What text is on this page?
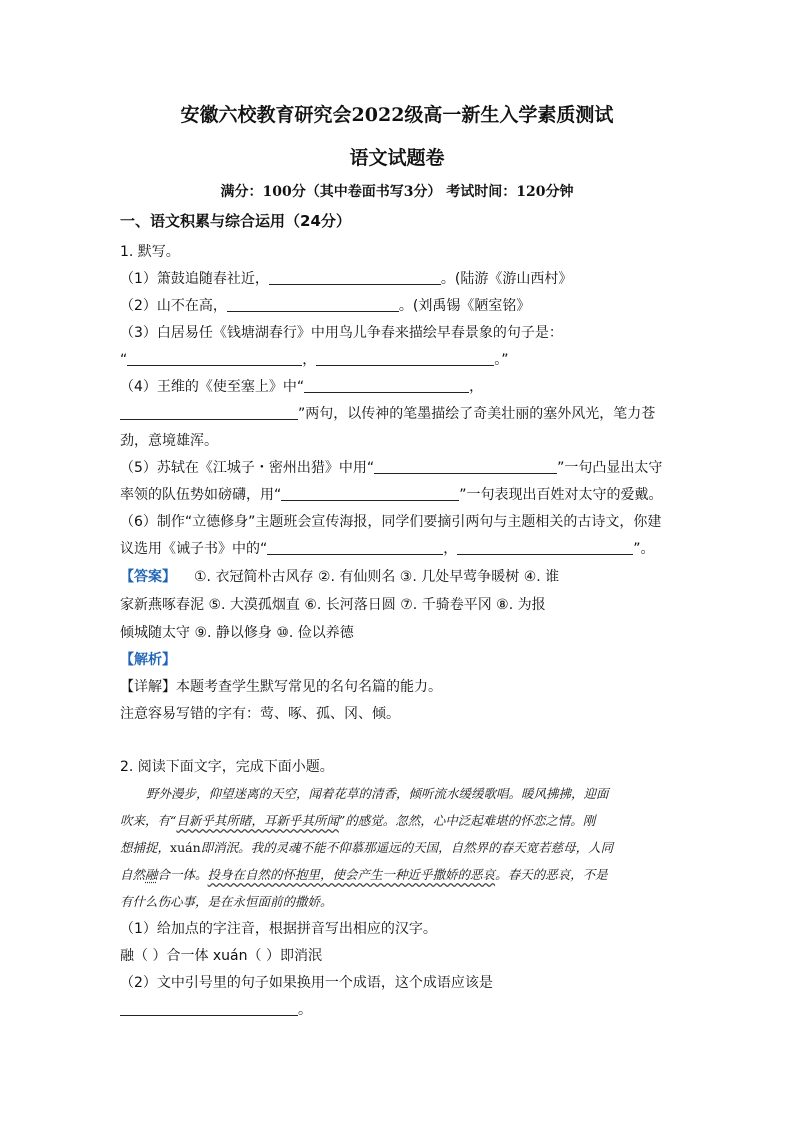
安徽六校教育研究会2022级高一新生入学素质测试
语文试题卷
满分：100分（其中卷面书写3分） 考试时间：120分钟
一、语文积累与综合运用（24分）
1. 默写。
（1）箫鼓追随春社近，	。(陆游《游山西村》
（2）山不在高，	。(刘禹锡《陋室铭》
（3）白居易任《钱塘湖春行》中用鸟儿争春来描绘早春景象的句子是：
“	，	。”
（4）王维的《使至塞上》中“	，
”两句，以传神的笔墨描绘了奇美壮丽的塞外风光，笔力苍
劲，意境雄浑。
（5）苏轼在《江城子・密州出猎》中用“	”一句凸显出太守
率领的队伍势如磅礴，用“	”一句表现出百姓对太守的爱戴。
（6）制作“立德修身”主题班会宣传海报，同学们要摘引两句与主题相关的古诗文，你建
议选用《诫子书》中的“	，	”。
【答案】 ①. 衣冠简朴古风存 ②. 有仙则名 ③. 几处早莺争暖树 ④. 谁
家新燕啄春泥 ⑤. 大漠孤烟直 ⑥. 长河落日圆 ⑦. 千骑卷平冈 ⑧. 为报
倾城随太守 ⑨. 静以修身 ⑩. 俭以养德
【解析】
【详解】本题考查学生默写常见的名句名篇的能力。
注意容易写错的字有：莺、啄、孤、冈、倾。
2. 阅读下面文字，完成下面小题。
野外漫步，仰望迷离的天空，闻着花草的清香，倾听流水缓缓歌唱。暖风拂拂，迎面
吹来，有“目新乎其所睹，耳新乎其所闻”的感觉。忽然，心中泛起难堪的怀恋之情。刚
想捕捉，xuán即消泯。我的灵魂不能不仰慕那遥远的天国，自然界的春天宽若慈母，人同
自然融合一体。投身在自然的怀抱里，使会产生一种近乎撒娇的恶哀。春天的恶哀，不是
有什么伤心事，是在永恒面前的撒娇。
（1）给加点的字注音，根据拼音写出相应的汉字。
融（ ）合一体 xuán（ ）即消泯
（2）文中引号里的句子如果换用一个成语，这个成语应该是
。
